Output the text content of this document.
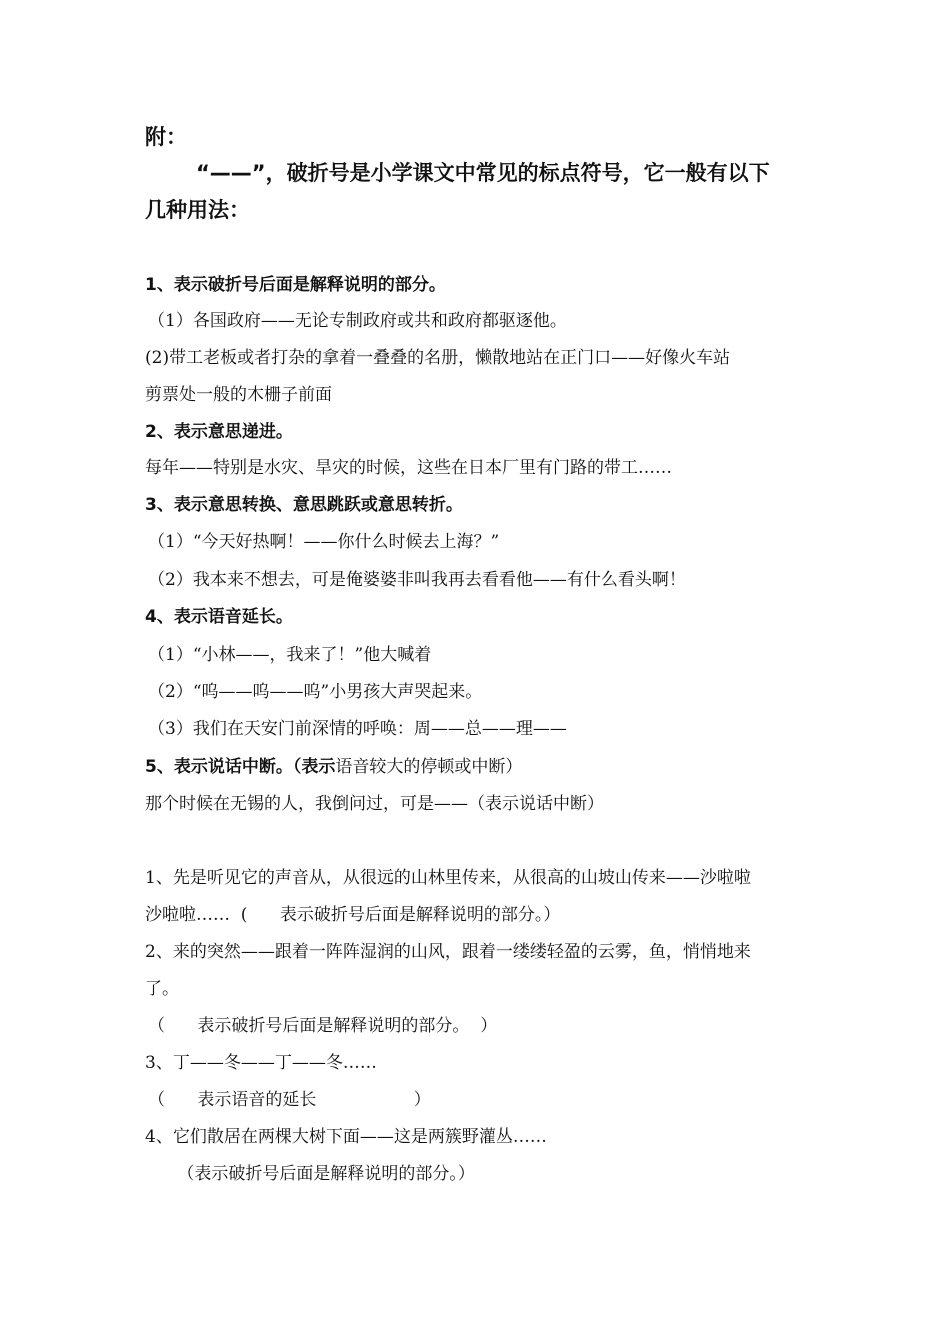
附：
“——”，破折号是小学课文中常见的标点符号，它一般有以下
几种用法：
1、表示破折号后面是解释说明的部分。
（1）各国政府——无论专制政府或共和政府都驱逐他。
(2)带工老板或者打杂的拿着一叠叠的名册，懒散地站在正门口——好像火车站
剪票处一般的木栅子前面
2、表示意思递进。
每年——特别是水灾、旱灾的时候，这些在日本厂里有门路的带工……
3、表示意思转换、意思跳跃或意思转折。
（1）“今天好热啊！——你什么时候去上海？”
（2）我本来不想去，可是俺婆婆非叫我再去看看他——有什么看头啊！
4、表示语音延长。
（1）“小林——，我来了！”他大喊着
（2）“呜——呜——呜”小男孩大声哭起来。
（3）我们在天安门前深情的呼唤：周——总——理——
5、表示说话中断。（表示语音较大的停顿或中断）
那个时候在无锡的人，我倒问过，可是——（表示说话中断）
1、先是听见它的声音从，从很远的山林里传来，从很高的山坡山传来——沙啦啦
沙啦啦……  (      表示破折号后面是解释说明的部分。）
2、来的突然——跟着一阵阵湿润的山风，跟着一缕缕轻盈的云雾，鱼，悄悄地来
了。
（      表示破折号后面是解释说明的部分。  ）
3、丁——冬——丁——冬……
（      表示语音的延长                  ）
4、它们散居在两棵大树下面——这是两簇野灌丛……
（表示破折号后面是解释说明的部分。）
